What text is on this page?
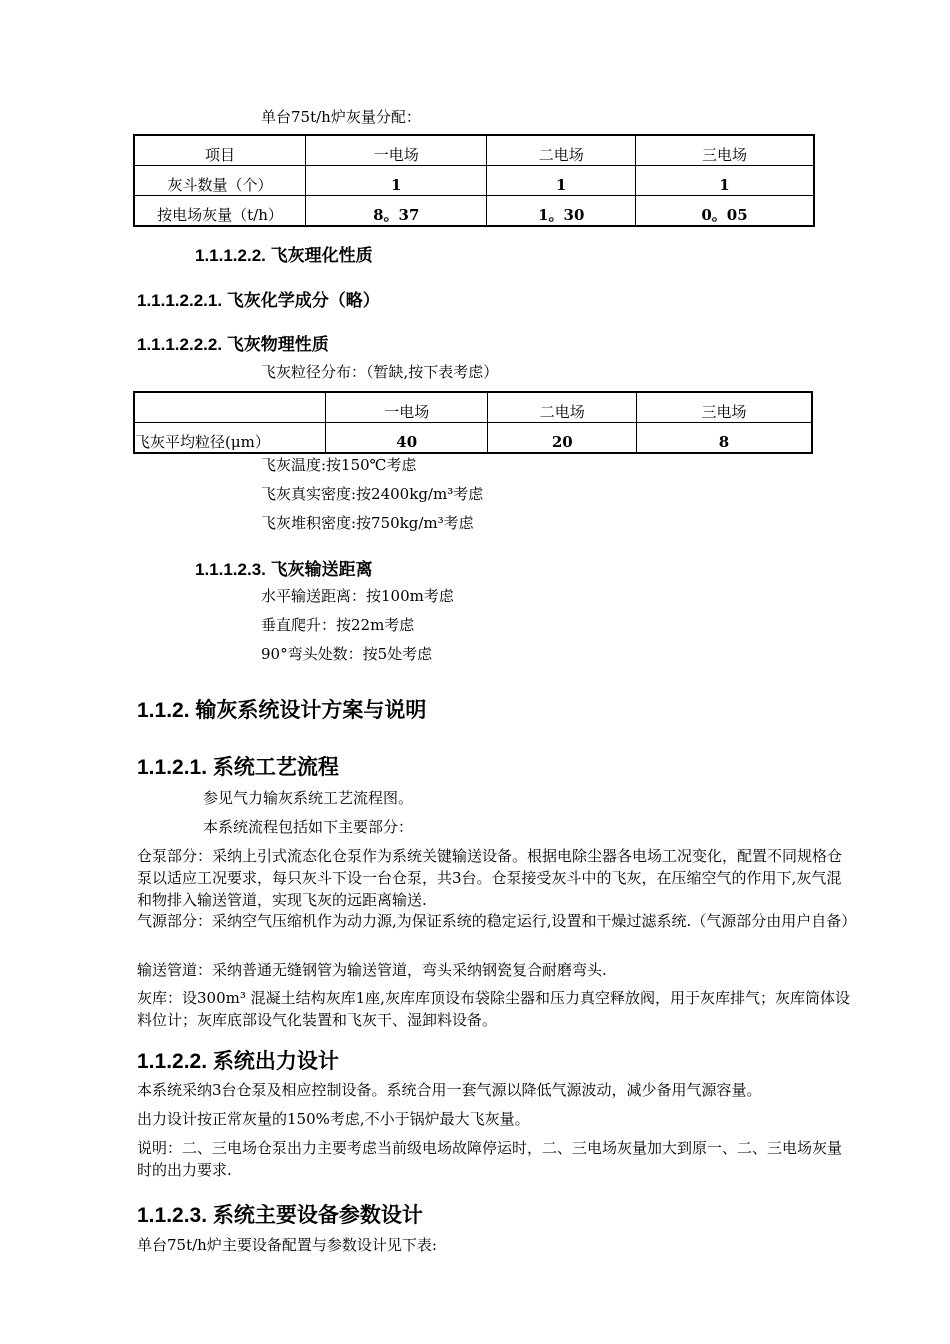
单台75t/h炉灰量分配：
项目	一电场	二电场	三电场
灰斗数量（个）	1	1	1
按电场灰量（t/h）	8。37	1。30	0。05
1.1.1.2.2. 飞灰理化性质
1.1.1.2.2.1. 飞灰化学成分（略）
1.1.1.2.2.2. 飞灰物理性质
飞灰粒径分布：（暂缺,按下表考虑）
	一电场	二电场	三电场
飞灰平均粒径(μm）	40	20	8
飞灰温度:按150℃考虑
飞灰真实密度:按2400kg/m³考虑
飞灰堆积密度:按750kg/m³考虑
1.1.1.2.3. 飞灰输送距离
水平输送距离：按100m考虑
垂直爬升：按22m考虑
90°弯头处数：按5处考虑
1.1.2. 输灰系统设计方案与说明
1.1.2.1. 系统工艺流程
参见气力输灰系统工艺流程图。
本系统流程包括如下主要部分：
仓泵部分：采纳上引式流态化仓泵作为系统关键输送设备。根据电除尘器各电场工况变化，配置不同规格仓泵以适应工况要求，每只灰斗下设一台仓泵，共3台。仓泵接受灰斗中的飞灰，在压缩空气的作用下,灰气混和物排入输送管道，实现飞灰的远距离输送.
气源部分：采纳空气压缩机作为动力源,为保证系统的稳定运行,设置和干燥过滤系统.（气源部分由用户自备）
输送管道：采纳普通无缝钢管为输送管道，弯头采纳钢瓷复合耐磨弯头.
灰库：设300m³ 混凝土结构灰库1座,灰库库顶设布袋除尘器和压力真空释放阀，用于灰库排气；灰库筒体设料位计；灰库底部设气化装置和飞灰干、湿卸料设备。
1.1.2.2. 系统出力设计
本系统采纳3台仓泵及相应控制设备。系统合用一套气源以降低气源波动，减少备用气源容量。
出力设计按正常灰量的150%考虑,不小于锅炉最大飞灰量。
说明：二、三电场仓泵出力主要考虑当前级电场故障停运时，二、三电场灰量加大到原一、二、三电场灰量时的出力要求.
1.1.2.3. 系统主要设备参数设计
单台75t/h炉主要设备配置与参数设计见下表:
